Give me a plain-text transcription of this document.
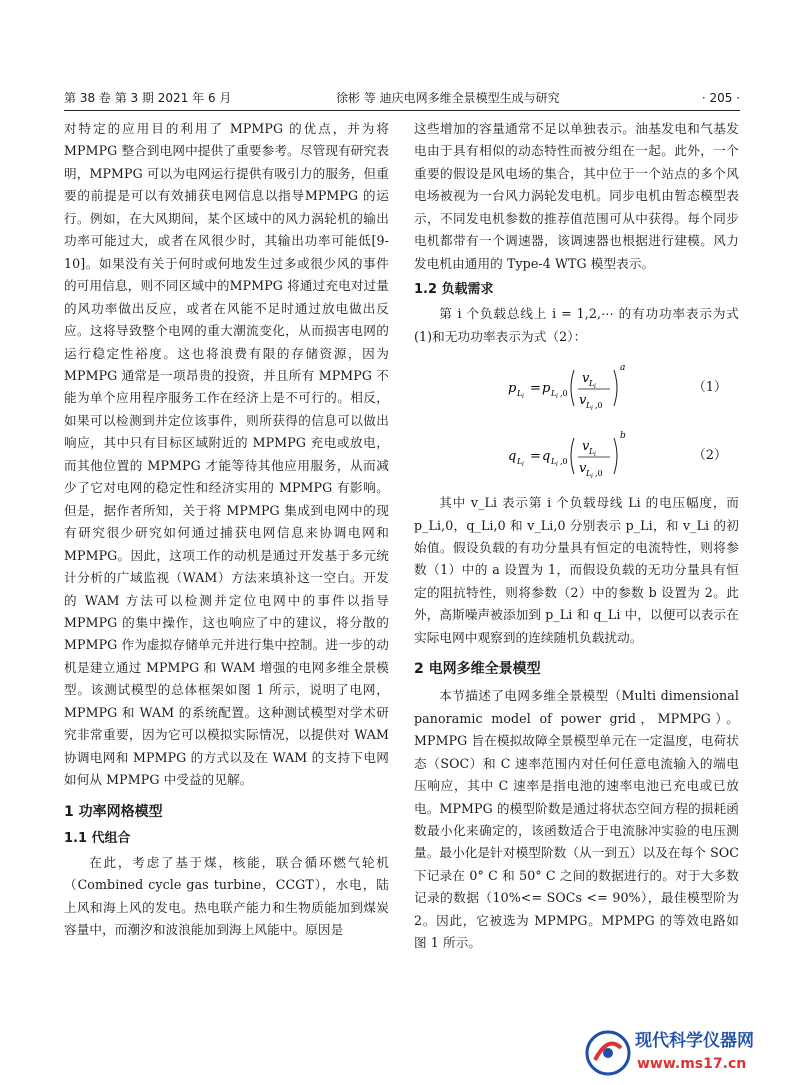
第 38 卷 第 3 期 2021 年 6 月	徐彬 等 迪庆电网多维全景模型生成与研究	· 205 ·

对特定的应用目的利用了 MPMPG 的优点，并为将MPMPG 整合到电网中提供了重要参考。尽管现有研究表明，MPMPG 可以为电网运行提供有吸引力的服务，但重要的前提是可以有效捕获电网信息以指导MPMPG 的运行。例如，在大风期间，某个区域中的风力涡轮机的输出功率可能过大，或者在风很少时，其输出功率可能低[9-10]。如果没有关于何时或何地发生过多或很少风的事件的可用信息，则不同区域中的MPMPG 将通过充电对过量的风功率做出反应，或者在风能不足时通过放电做出反应。这将导致整个电网的重大潮流变化，从而损害电网的运行稳定性裕度。这也将浪费有限的存储资源，因为 MPMPG 通常是一项昂贵的投资，并且所有 MPMPG 不能为单个应用程序服务工作在经济上是不可行的。相反，如果可以检测到并定位该事件，则所获得的信息可以做出响应，其中只有目标区域附近的 MPMPG 充电或放电，而其他位置的 MPMPG 才能等待其他应用服务，从而减少了它对电网的稳定性和经济实用的 MPMPG 有影响。但是，据作者所知，关于将 MPMPG 集成到电网中的现有研究很少研究如何通过捕获电网信息来协调电网和 MPMPG。因此，这项工作的动机是通过开发基于多元统计分析的广域监视（WAM）方法来填补这一空白。开发的 WAM 方法可以检测并定位电网中的事件以指导 MPMPG 的集中操作，这也响应了中的建议，将分散的 MPMPG 作为虚拟存储单元并进行集中控制。进一步的动机是建立通过 MPMPG 和 WAM 增强的电网多维全景模型。该测试模型的总体框架如图 1 所示，说明了电网，MPMPG 和 WAM 的系统配置。这种测试模型对学术研究非常重要，因为它可以模拟实际情况，以提供对 WAM 协调电网和 MPMPG 的方式以及在 WAM 的支持下电网如何从 MPMPG 中受益的见解。

1 功率网格模型
1.1 代组合

在此，考虑了基于煤，核能，联合循环燃气轮机（Combined cycle gas turbine，CCGT），水电，陆上风和海上风的发电。热电联产能力和生物质能加到煤炭容量中，而潮汐和波浪能加到海上风能中。原因是

这些增加的容量通常不足以单独表示。油基发电和气基发电由于具有相似的动态特性而被分组在一起。此外，一个重要的假设是风电场的集合，其中位于一个站点的多个风电场被视为一台风力涡轮发电机。同步电机由暂态模型表示，不同发电机参数的推荐值范围可从中获得。每个同步电机都带有一个调速器，该调速器也根据进行建模。风力发电机由通用的 Type-4 WTG 模型表示。

1.2 负载需求

第 i 个负载总线上 i = 1,2,⋯ 的有功功率表示为式(1)和无功功率表示为式（2）：

p L i
= p L i ,0
v L i
v L i ,0
a
（1）
q L i
= q L i ,0
v L i
v L i ,0
b
（2）

其中 v_Li 表示第 i 个负载母线 Li 的电压幅度，而 p_Li,0，q_Li,0 和 v_Li,0 分别表示 p_Li，和 v_Li 的初始值。假设负载的有功分量具有恒定的电流特性，则将参数（1）中的 a 设置为 1，而假设负载的无功分量具有恒定的阻抗特性，则将参数（2）中的参数 b 设置为 2。此外，高斯噪声被添加到 p_Li 和 q_Li 中，以便可以表示在实际电网中观察到的连续随机负载扰动。

2 电网多维全景模型

本节描述了电网多维全景模型（Multi dimensional panoramic model of power grid，MPMPG）。MPMPG 旨在模拟故障全景模型单元在一定温度，电荷状态（SOC）和 C 速率范围内对任何任意电流输入的端电压响应，其中 C 速率是指电池的速率电池已充电或已放电。MPMPG 的模型阶数是通过将状态空间方程的损耗函数最小化来确定的，该函数适合于电流脉冲实验的电压测量。最小化是针对模型阶数（从一到五）以及在每个 SOC 下记录在 0° C 和 50° C 之间的数据进行的。对于大多数记录的数据（10%<= SOCs <= 90%），最佳模型阶为 2。因此，它被选为 MPMPG。MPMPG 的等效电路如图 1 所示。

现代科学仪器网
www.ms17.cn
